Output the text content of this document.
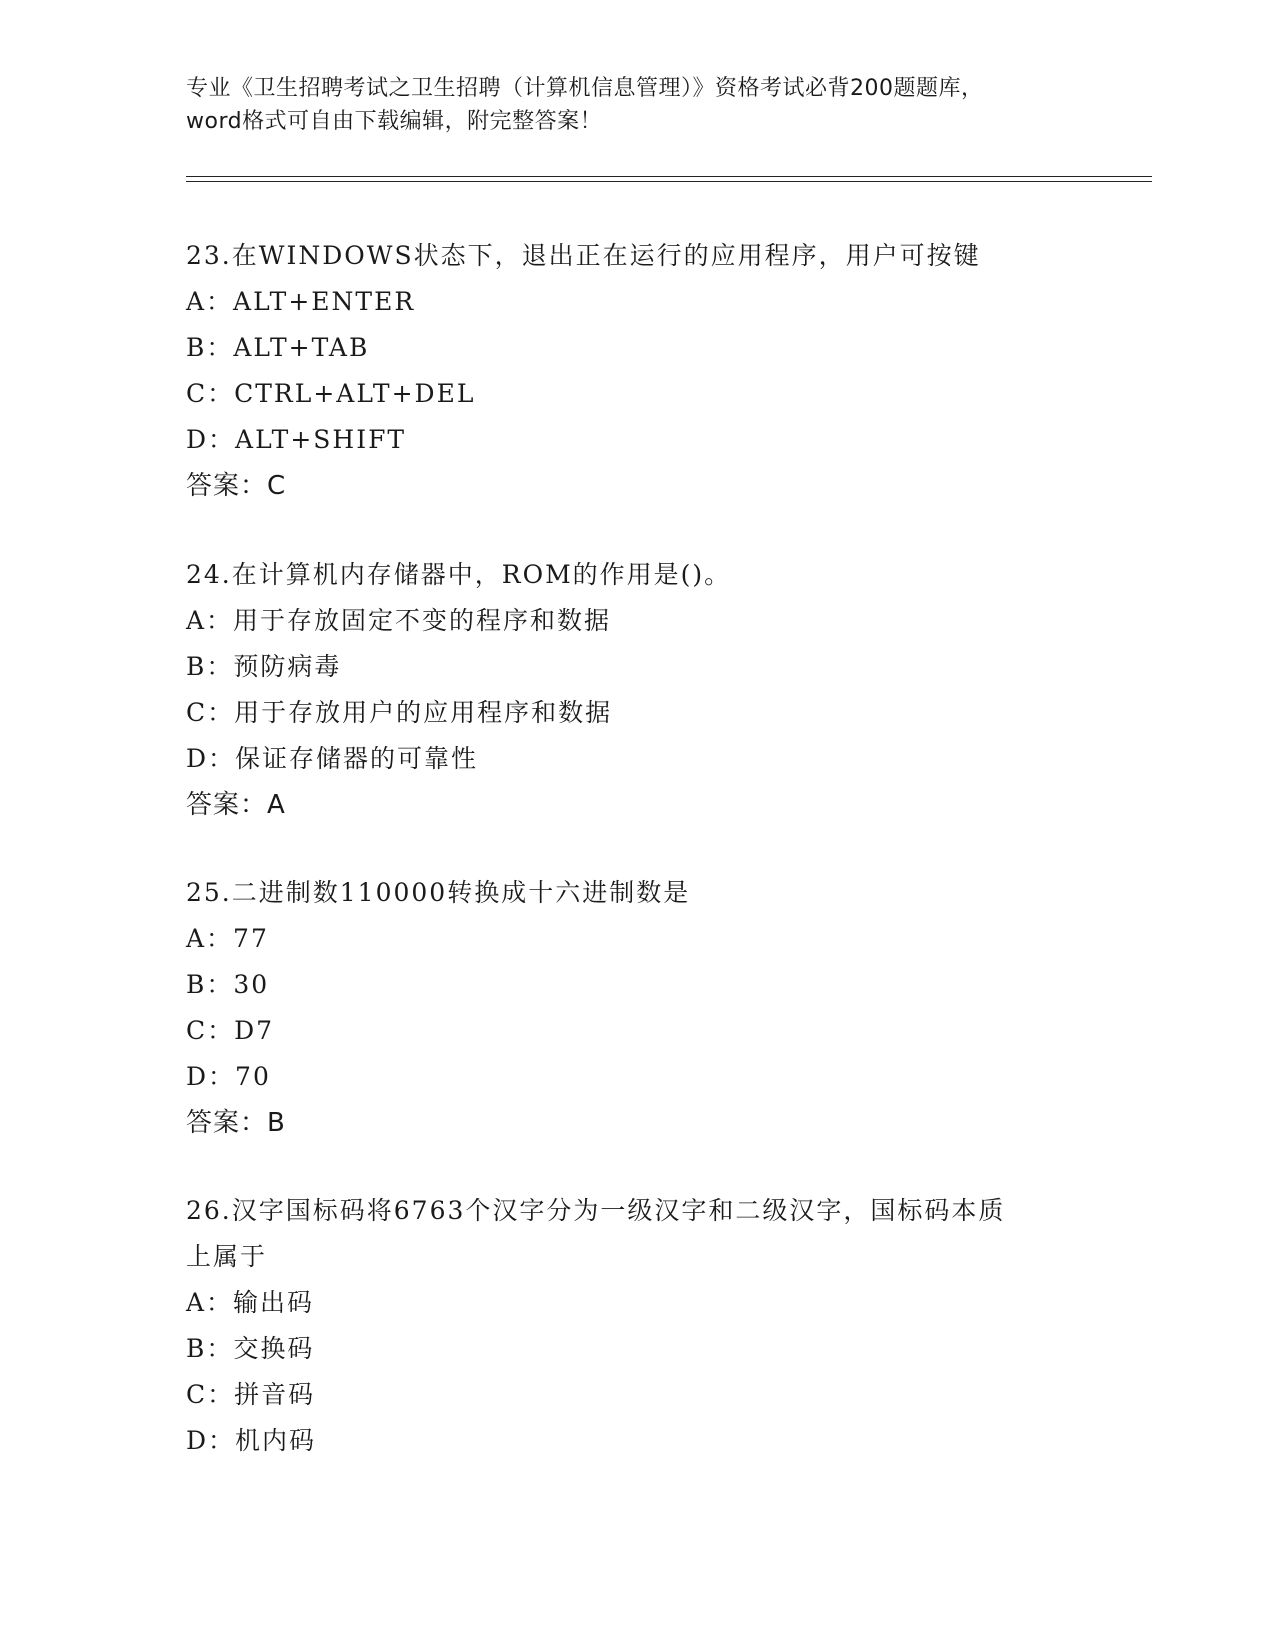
专业《卫生招聘考试之卫生招聘（计算机信息管理）》资格考试必背200题题库，
word格式可自由下载编辑，附完整答案！

23.在WINDOWS状态下，退出正在运行的应用程序，用户可按键

A：ALT+ENTER

B：ALT+TAB

C：CTRL+ALT+DEL

D：ALT+SHIFT

答案：C

24.在计算机内存储器中，ROM的作用是()。

A：用于存放固定不变的程序和数据

B：预防病毒

C：用于存放用户的应用程序和数据

D：保证存储器的可靠性

答案：A

25.二进制数110000转换成十六进制数是

A：77

B：30

C：D7

D：70

答案：B

26.汉字国标码将6763个汉字分为一级汉字和二级汉字，国标码本质

上属于

A：输出码

B：交换码

C：拼音码

D：机内码
